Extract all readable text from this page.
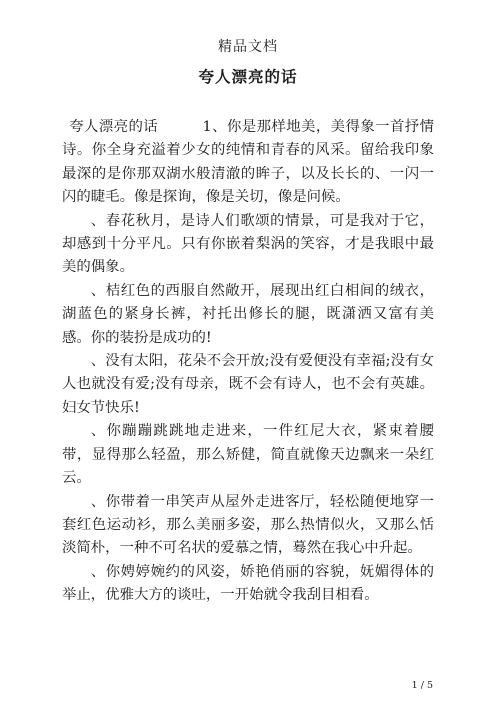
精品文档
夸人漂亮的话

夸人漂亮的话　　　1、你是那样地美，美得象一首抒情诗。你全身充溢着少女的纯情和青春的风采。留给我印象最深的是你那双湖水般清澈的眸子，以及长长的、一闪一闪的睫毛。像是探询，像是关切，像是问候。

、春花秋月，是诗人们歌颂的情景，可是我对于它，却感到十分平凡。只有你嵌着梨涡的笑容，才是我眼中最美的偶象。

、桔红色的西服自然敞开，展现出红白相间的绒衣，湖蓝色的紧身长裤，衬托出修长的腿，既潇洒又富有美感。你的装扮是成功的!

、没有太阳，花朵不会开放;没有爱便没有幸福;没有女人也就没有爱;没有母亲，既不会有诗人，也不会有英雄。妇女节快乐!

、你蹦蹦跳跳地走进来，一件红尼大衣，紧束着腰带，显得那么轻盈，那么矫健，简直就像天边飘来一朵红云。

、你带着一串笑声从屋外走进客厅，轻松随便地穿一套红色运动衫，那么美丽多姿，那么热情似火，又那么恬淡简朴，一种不可名状的爱慕之情，蓦然在我心中升起。

、你娉婷婉约的风姿，娇艳俏丽的容貌，妩媚得体的举止，优雅大方的谈吐，一开始就令我刮目相看。

1 / 5
